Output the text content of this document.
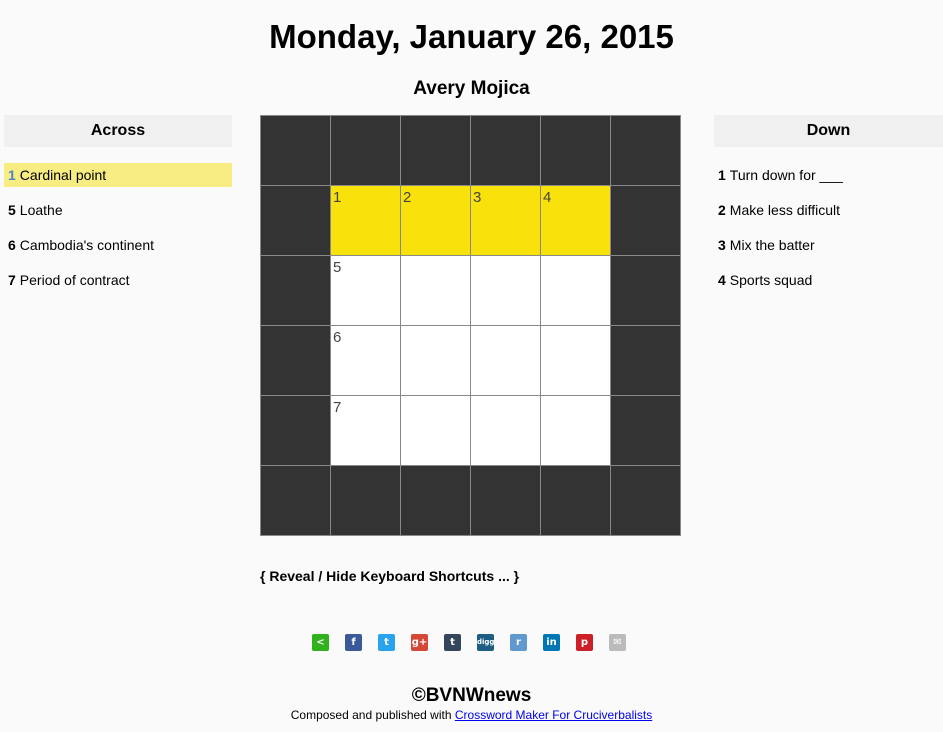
Monday, January 26, 2015
Avery Mojica
Across
1 Cardinal point
5 Loathe
6 Cambodia's continent
7 Period of contract
1	2	3	4
5
6
7
Down
1 Turn down for ___
2 Make less difficult
3 Mix the batter
4 Sports squad
{ Reveal / Hide Keyboard Shortcuts ... }
<	f	t	g+	t	digg	r	in	p	✉
©BVNWnews
Composed and published with Crossword Maker For Cruciverbalists
